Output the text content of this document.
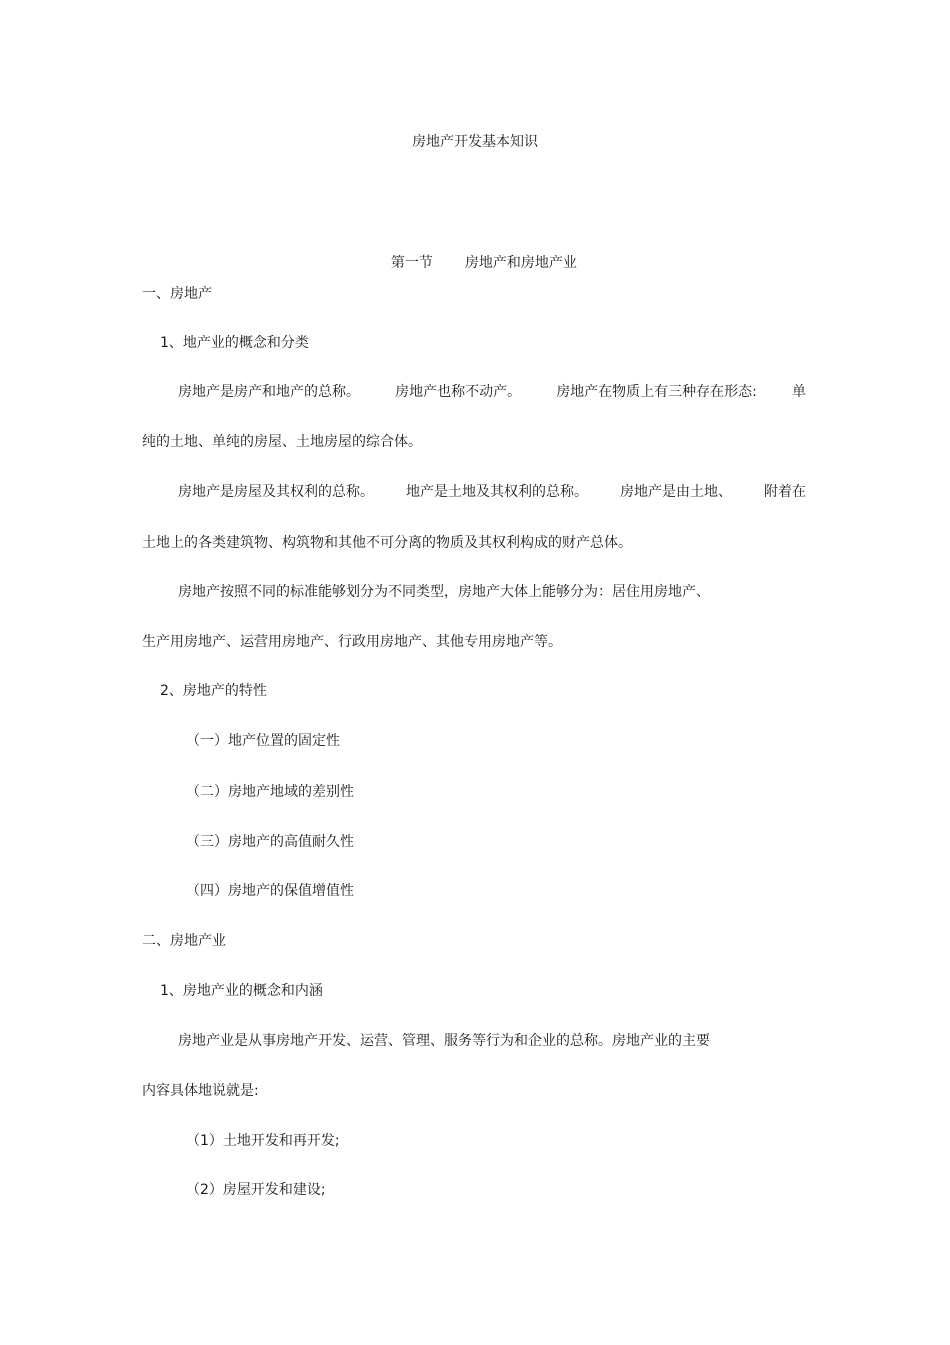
房地产开发基本知识

第一节 房地产和房地产业

一、房地产
1、地产业的概念和分类
房地产是房产和地产的总称。	房地产也称不动产。	房地产在物质上有三种存在形态:	单
纯的土地、单纯的房屋、土地房屋的综合体。
房地产是房屋及其权利的总称。 地产是土地及其权利的总称。 房地产是由土地、 附着在
土地上的各类建筑物、构筑物和其他不可分离的物质及其权利构成的财产总体。
房地产按照不同的标准能够划分为不同类型，房地产大体上能够分为：居住用房地产、
生产用房地产、运营用房地产、行政用房地产、其他专用房地产等。
2、房地产的特性
（一）地产位置的固定性
（二）房地产地域的差别性
（三）房地产的高值耐久性
（四）房地产的保值增值性
二、房地产业
1、房地产业的概念和内涵
房地产业是从事房地产开发、运营、管理、服务等行为和企业的总称。房地产业的主要
内容具体地说就是:
（1）土地开发和再开发;
（2）房屋开发和建设;
